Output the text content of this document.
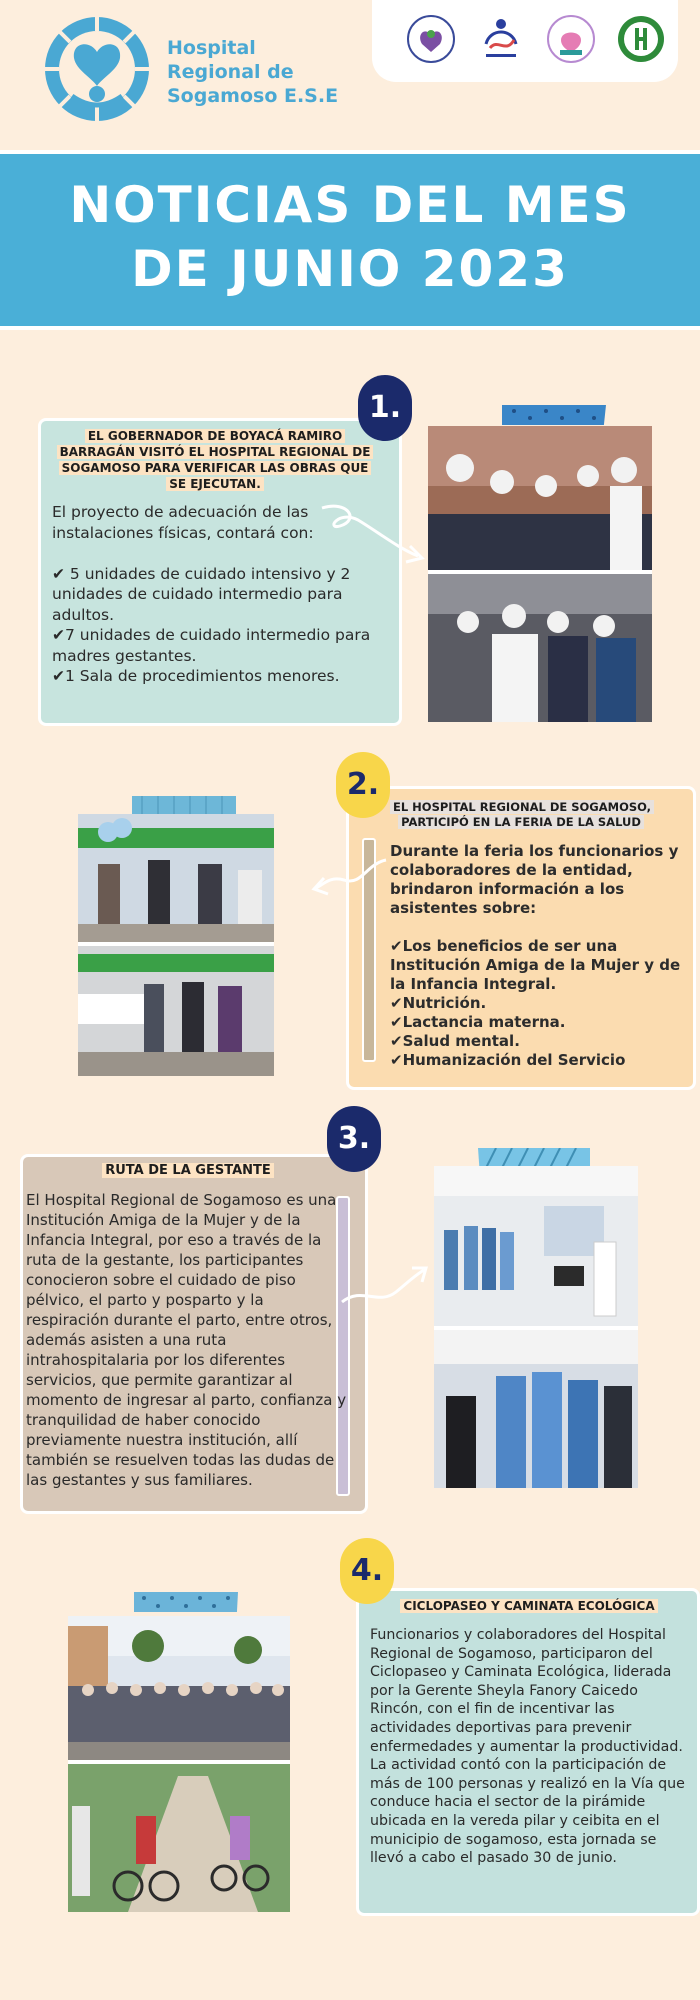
Hospital
Regional de
Sogamoso E.S.E
NOTICIAS DEL MES
DE JUNIO 2023
1.
EL GOBERNADOR DE BOYACÁ RAMIRO BARRAGÁN VISITÓ EL HOSPITAL REGIONAL DE SOGAMOSO PARA VERIFICAR LAS OBRAS QUE SE EJECUTAN.
El proyecto de adecuación de las instalaciones físicas, contará con:

✔ 5 unidades de cuidado intensivo y 2 unidades de cuidado intermedio para adultos.
✔7 unidades de cuidado intermedio para madres gestantes.
✔1 Sala de procedimientos menores.
2.
EL HOSPITAL REGIONAL DE SOGAMOSO, PARTICIPÓ EN LA FERIA DE LA SALUD
Durante la feria los funcionarios y colaboradores de la entidad, brindaron información a los asistentes sobre:

✔Los beneficios de ser una Institución Amiga de la Mujer y de la Infancia Integral.
✔Nutrición.
✔Lactancia materna.
✔Salud mental.
✔Humanización del Servicio
3.
RUTA DE LA GESTANTE
El Hospital Regional de Sogamoso es una Institución Amiga de la Mujer y de la Infancia Integral, por eso a través de la ruta de la gestante, los participantes conocieron sobre el cuidado de piso pélvico, el parto y posparto y la respiración durante el parto, entre otros, además asisten a una ruta intrahospitalaria por los diferentes servicios, que permite garantizar al momento de ingresar al parto, confianza y tranquilidad de haber conocido previamente nuestra institución, allí también se resuelven todas las dudas de las gestantes y sus familiares.
4.
CICLOPASEO Y CAMINATA ECOLÓGICA
Funcionarios y colaboradores del Hospital Regional de Sogamoso, participaron del Ciclopaseo y Caminata Ecológica, liderada por la Gerente Sheyla Fanory Caicedo Rincón, con el fin de incentivar las actividades deportivas para prevenir enfermedades y aumentar la productividad.
La actividad contó con la participación de más de 100 personas y realizó en la Vía que conduce hacia el sector de la pirámide ubicada en la vereda pilar y ceibita en el municipio de sogamoso, esta jornada se llevó a cabo el pasado 30 de junio.
